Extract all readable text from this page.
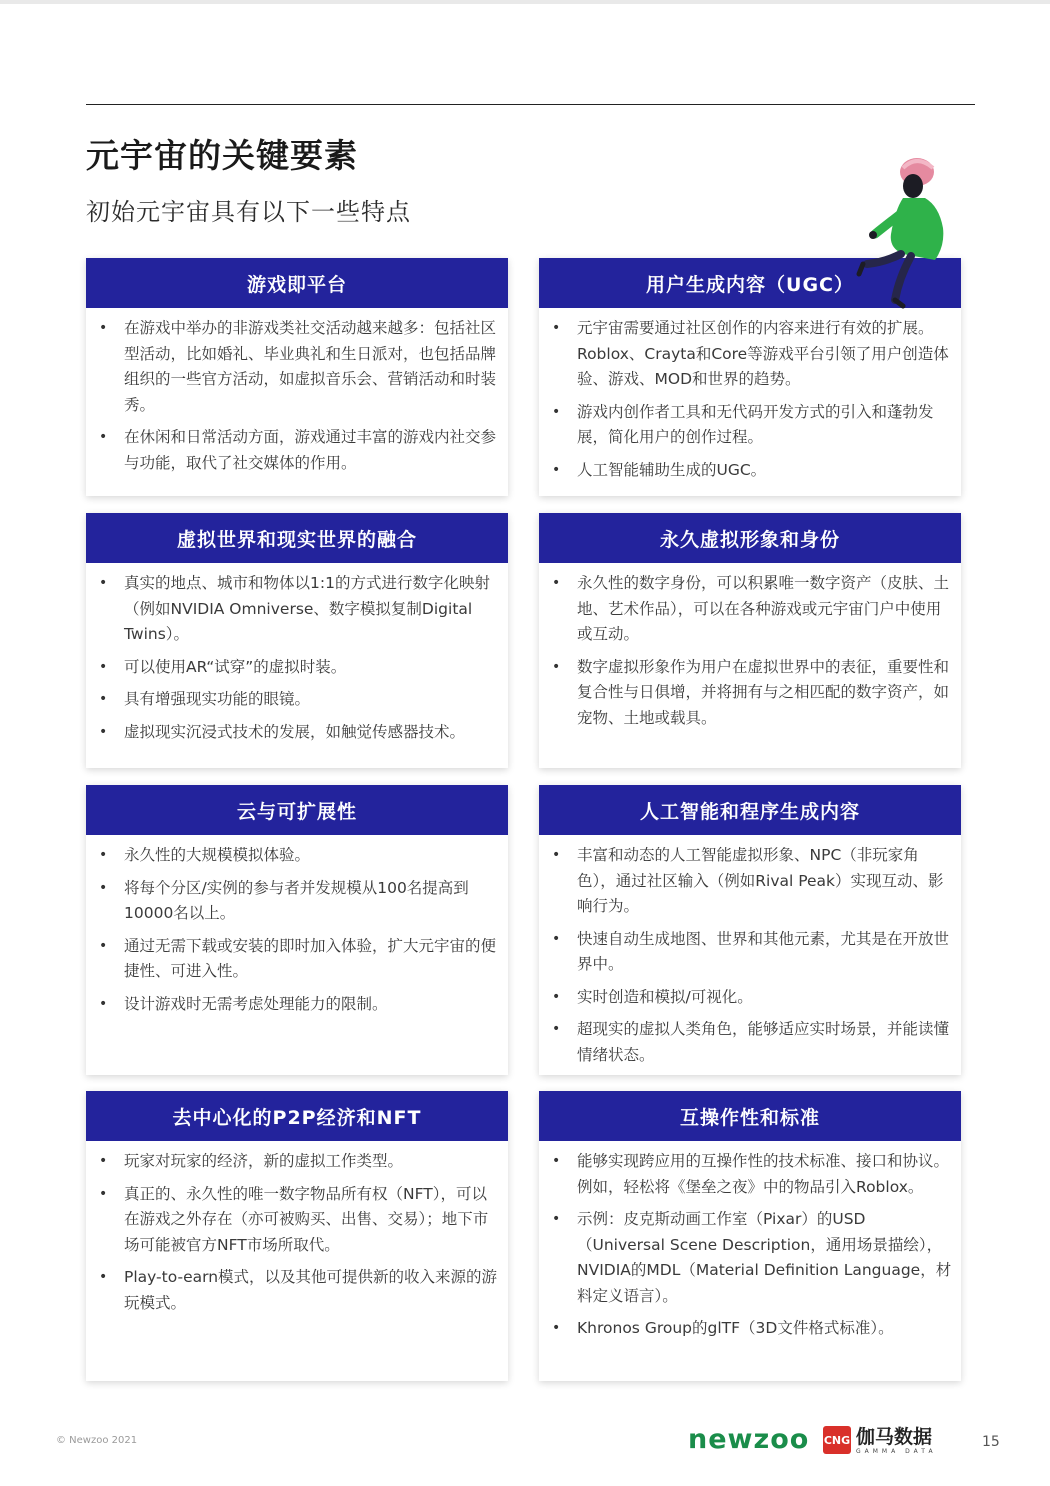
元宇宙的关键要素
初始元宇宙具有以下一些特点
游戏即平台
• 在游戏中举办的非游戏类社交活动越来越多：包括社区型活动，比如婚礼、毕业典礼和生日派对，也包括品牌组织的一些官方活动，如虚拟音乐会、营销活动和时装秀。
• 在休闲和日常活动方面，游戏通过丰富的游戏内社交参与功能，取代了社交媒体的作用。
用户生成内容（UGC）
• 元宇宙需要通过社区创作的内容来进行有效的扩展。Roblox、Crayta和Core等游戏平台引领了用户创造体验、游戏、MOD和世界的趋势。
• 游戏内创作者工具和无代码开发方式的引入和蓬勃发展，简化用户的创作过程。
• 人工智能辅助生成的UGC。
虚拟世界和现实世界的融合
• 真实的地点、城市和物体以1:1的方式进行数字化映射（例如NVIDIA Omniverse、数字模拟复制Digital Twins）。
• 可以使用AR“试穿”的虚拟时装。
• 具有增强现实功能的眼镜。
• 虚拟现实沉浸式技术的发展，如触觉传感器技术。
永久虚拟形象和身份
• 永久性的数字身份，可以积累唯一数字资产（皮肤、土地、艺术作品），可以在各种游戏或元宇宙门户中使用或互动。
• 数字虚拟形象作为用户在虚拟世界中的表征，重要性和复合性与日俱增，并将拥有与之相匹配的数字资产，如宠物、土地或载具。
云与可扩展性
• 永久性的大规模模拟体验。
• 将每个分区/实例的参与者并发规模从100名提高到10000名以上。
• 通过无需下载或安装的即时加入体验，扩大元宇宙的便捷性、可进入性。
• 设计游戏时无需考虑处理能力的限制。
人工智能和程序生成内容
• 丰富和动态的人工智能虚拟形象、NPC（非玩家角色），通过社区输入（例如Rival Peak）实现互动、影响行为。
• 快速自动生成地图、世界和其他元素，尤其是在开放世界中。
• 实时创造和模拟/可视化。
• 超现实的虚拟人类角色，能够适应实时场景，并能读懂情绪状态。
去中心化的P2P经济和NFT
• 玩家对玩家的经济，新的虚拟工作类型。
• 真正的、永久性的唯一数字物品所有权（NFT），可以在游戏之外存在（亦可被购买、出售、交易）；地下市场可能被官方NFT市场所取代。
• Play-to-earn模式，以及其他可提供新的收入来源的游玩模式。
互操作性和标准
• 能够实现跨应用的互操作性的技术标准、接口和协议。例如，轻松将《堡垒之夜》中的物品引入Roblox。
• 示例：皮克斯动画工作室（Pixar）的USD（Universal Scene Description，通用场景描绘），NVIDIA的MDL（Material Definition Language，材料定义语言）。
• Khronos Group的glTF（3D文件格式标准）。
© Newzoo 2021	newzoo CNG 伽马数据
GAMMA DATA
15
